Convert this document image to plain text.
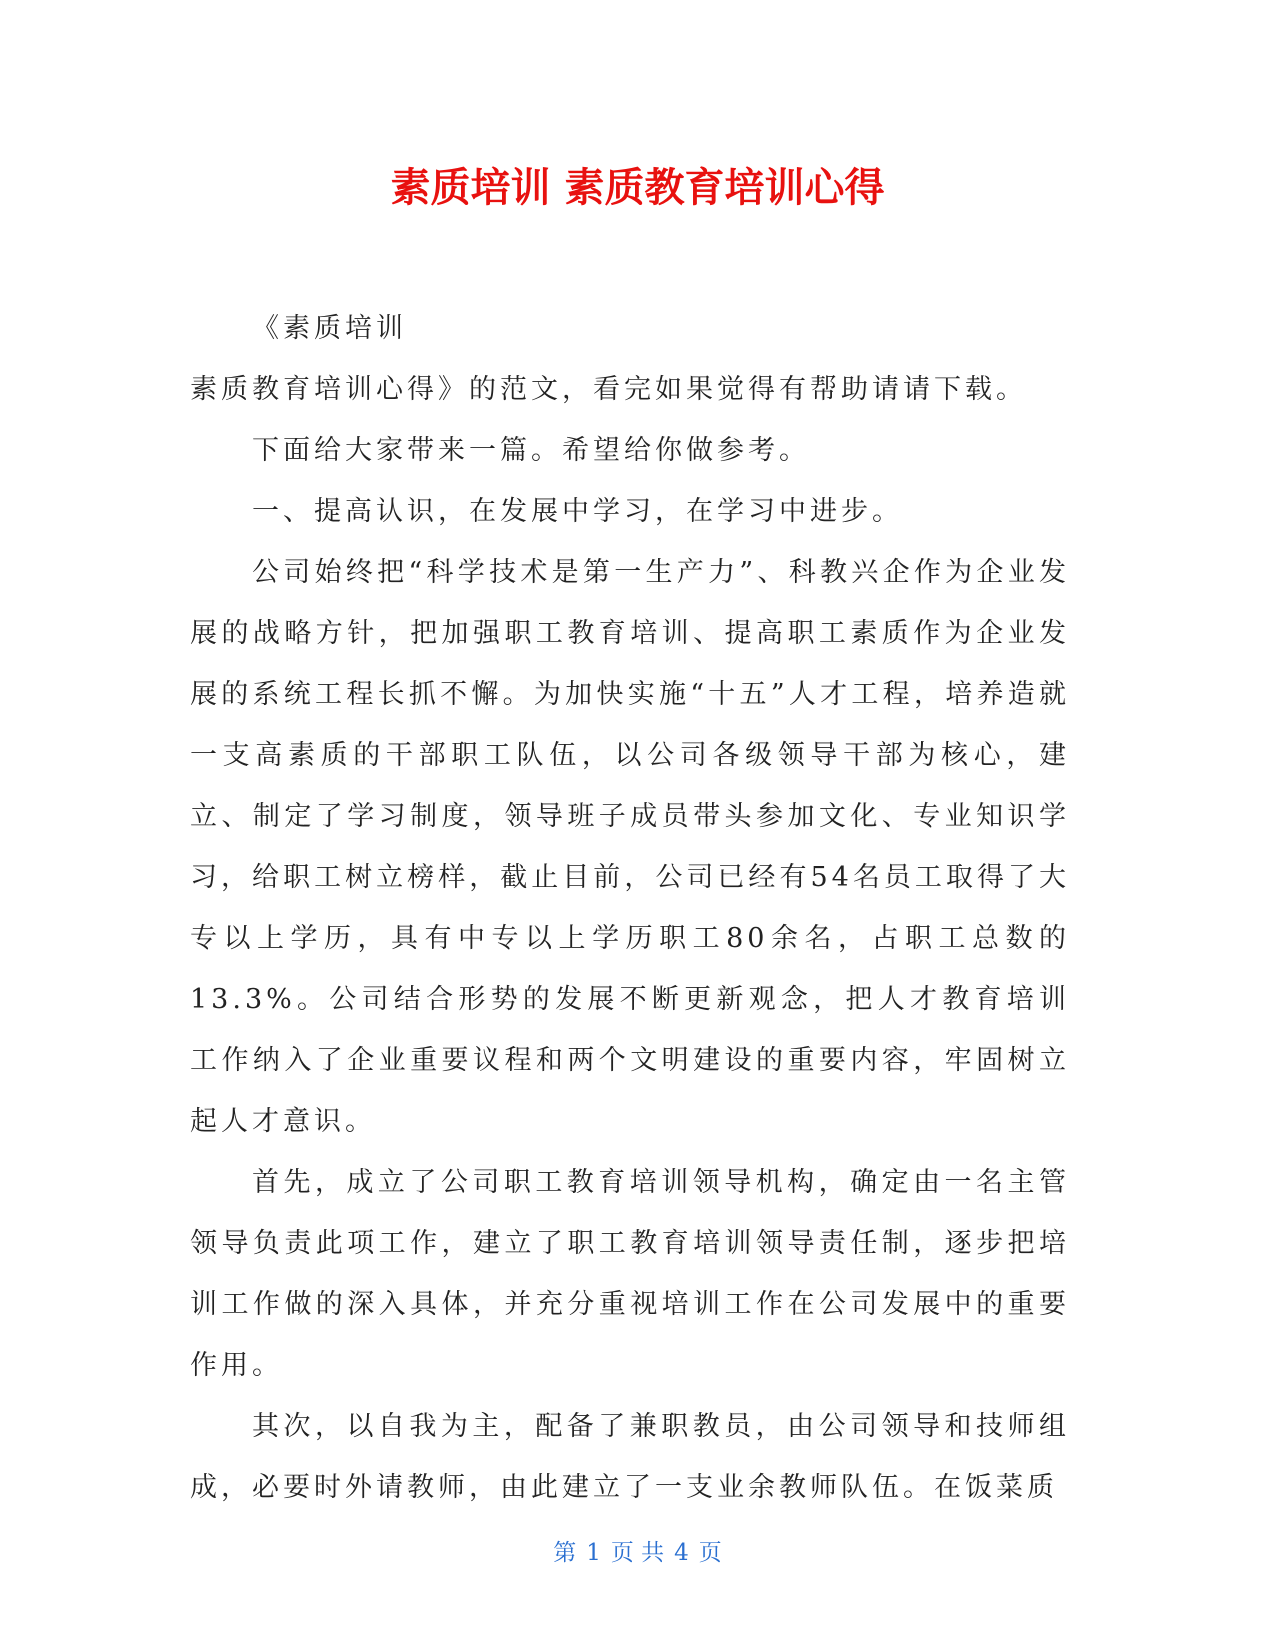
素质培训 素质教育培训心得

《素质培训

素质教育培训心得》的范文，看完如果觉得有帮助请请下载。

下面给大家带来一篇。希望给你做参考。

一、提高认识，在发展中学习，在学习中进步。

公司始终把“科学技术是第一生产力”、科教兴企作为企业发展的战略方针，把加强职工教育培训、提高职工素质作为企业发展的系统工程长抓不懈。为加快实施“十五”人才工程，培养造就一支高素质的干部职工队伍，以公司各级领导干部为核心，建立、制定了学习制度，领导班子成员带头参加文化、专业知识学习，给职工树立榜样，截止目前，公司已经有54名员工取得了大专以上学历，具有中专以上学历职工80余名，占职工总数的13.3%。公司结合形势的发展不断更新观念，把人才教育培训工作纳入了企业重要议程和两个文明建设的重要内容，牢固树立起人才意识。

首先，成立了公司职工教育培训领导机构，确定由一名主管领导负责此项工作，建立了职工教育培训领导责任制，逐步把培训工作做的深入具体，并充分重视培训工作在公司发展中的重要作用。

其次，以自我为主，配备了兼职教员，由公司领导和技师组成，必要时外请教师，由此建立了一支业余教师队伍。在饭菜质

第 1 页 共 4 页
